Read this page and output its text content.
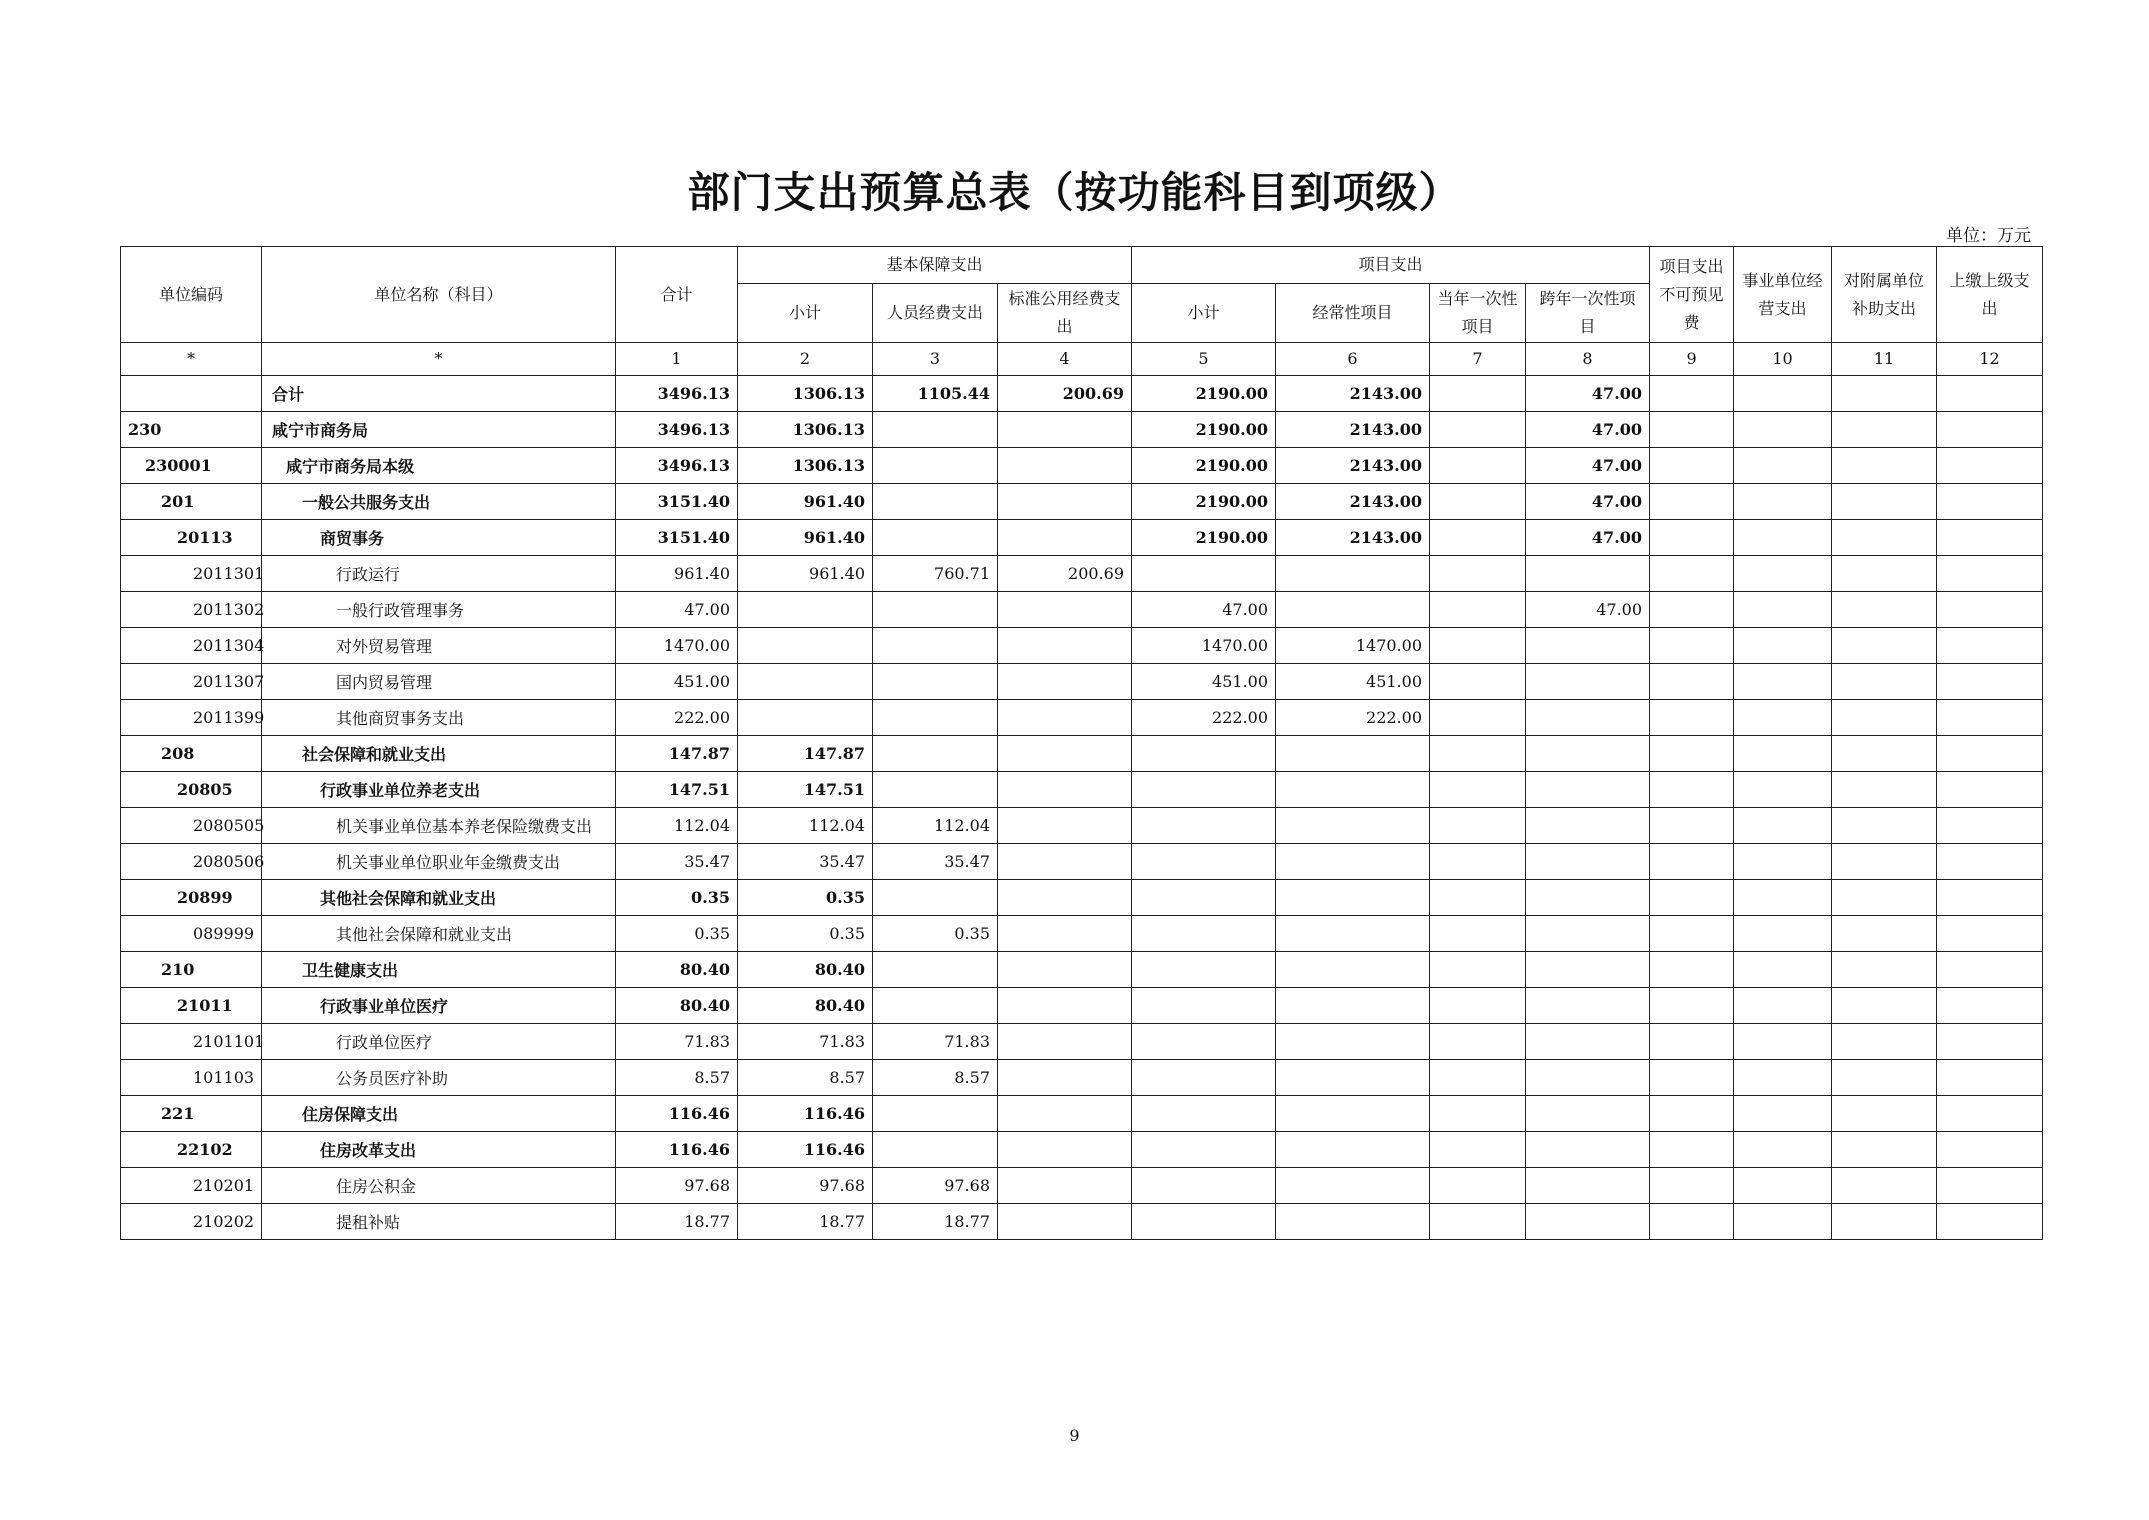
部门支出预算总表（按功能科目到项级）
单位：万元
单位编码	单位名称（科目）	合计	基本保障支出			项目支出				项目支出不可预见费	事业单位经营支出	对附属单位补助支出	上缴上级支出
			小计	人员经费支出	标准公用经费支出	小计	经常性项目	当年一次性项目	跨年一次性项目				
*	*	1	2	3	4	5	6	7	8	9	10	11	12
	合计	3496.13	1306.13	1105.44	200.69	2190.00	2143.00		47.00				
230	咸宁市商务局	3496.13	1306.13			2190.00	2143.00		47.00				
230001	咸宁市商务局本级	3496.13	1306.13			2190.00	2143.00		47.00				
201	一般公共服务支出	3151.40	961.40			2190.00	2143.00		47.00				
20113	商贸事务	3151.40	961.40			2190.00	2143.00		47.00				
2011301	行政运行	961.40	961.40	760.71	200.69								
2011302	一般行政管理事务	47.00				47.00			47.00				
2011304	对外贸易管理	1470.00				1470.00	1470.00						
2011307	国内贸易管理	451.00				451.00	451.00						
2011399	其他商贸事务支出	222.00				222.00	222.00						
208	社会保障和就业支出	147.87	147.87										
20805	行政事业单位养老支出	147.51	147.51										
2080505	机关事业单位基本养老保险缴费支出	112.04	112.04	112.04									
2080506	机关事业单位职业年金缴费支出	35.47	35.47	35.47									
20899	其他社会保障和就业支出	0.35	0.35										
089999	其他社会保障和就业支出	0.35	0.35	0.35									
210	卫生健康支出	80.40	80.40										
21011	行政事业单位医疗	80.40	80.40										
2101101	行政单位医疗	71.83	71.83	71.83									
101103	公务员医疗补助	8.57	8.57	8.57									
221	住房保障支出	116.46	116.46										
22102	住房改革支出	116.46	116.46										
210201	住房公积金	97.68	97.68	97.68									
210202	提租补贴	18.77	18.77	18.77									
9
